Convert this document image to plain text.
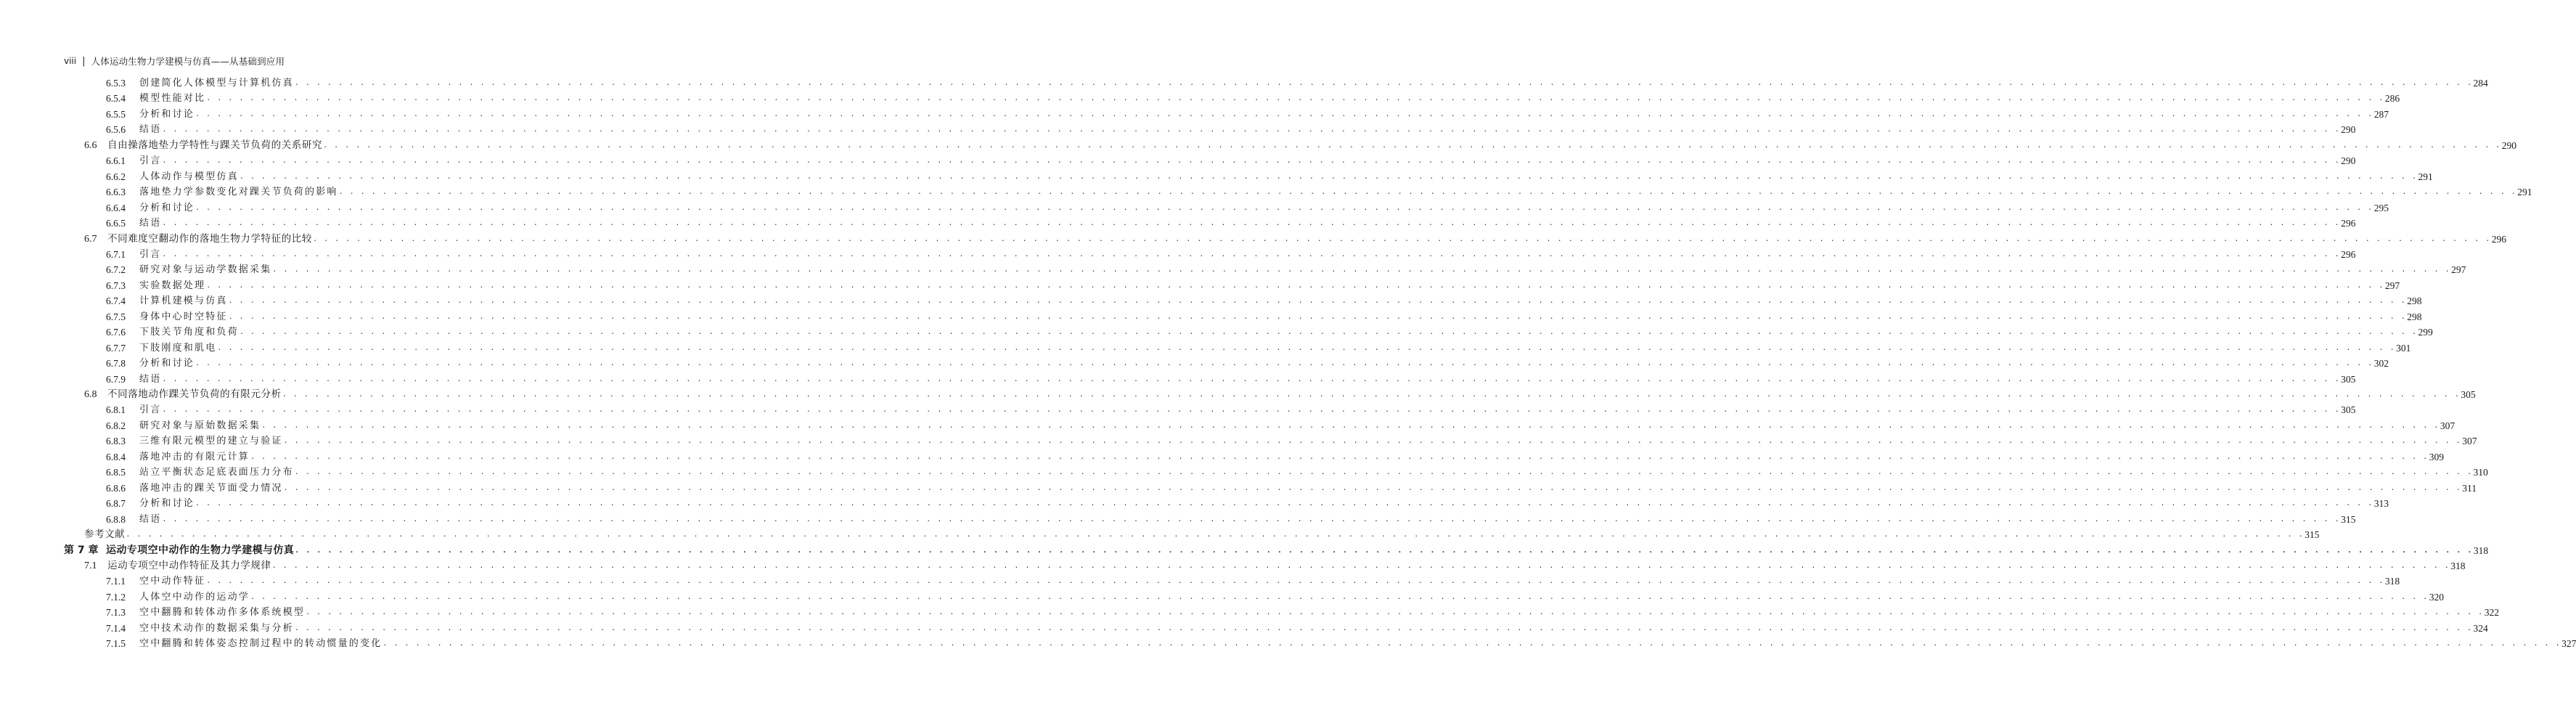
viii | 人体运动生物力学建模与仿真——从基础到应用
6.5.3	创建简化人体模型与计算机仿真 . . . . . . . . . . . . . . . . . . . . . . . . . . . . . . . . . . . . . . . . . . . . . . . . . . . . . . . . . . . . . . . . . . . . . . . . . . . . . . . . . . . . . . . . . . . . . . . . . . . . . . . . . . . . . . . . . . . . . . . . . . . . . . . . . . . . . . . . . . . . . . . . . . . . . . . . . . . . . . . . . . . . . . . . . . . . . . . . . . . . . . . . . . . . . . . . . . . . . . . . 284
6.5.4	模型性能对比 . . . . . . . . . . . . . . . . . . . . . . . . . . . . . . . . . . . . . . . . . . . . . . . . . . . . . . . . . . . . . . . . . . . . . . . . . . . . . . . . . . . . . . . . . . . . . . . . . . . . . . . . . . . . . . . . . . . . . . . . . . . . . . . . . . . . . . . . . . . . . . . . . . . . . . . . . . . . . . . . . . . . . . . . . . . . . . . . . . . . . . . . . . . . . . . . . . . . . . . . 286
6.5.5	分析和讨论 . . . . . . . . . . . . . . . . . . . . . . . . . . . . . . . . . . . . . . . . . . . . . . . . . . . . . . . . . . . . . . . . . . . . . . . . . . . . . . . . . . . . . . . . . . . . . . . . . . . . . . . . . . . . . . . . . . . . . . . . . . . . . . . . . . . . . . . . . . . . . . . . . . . . . . . . . . . . . . . . . . . . . . . . . . . . . . . . . . . . . . . . . . . . . . . . . . . . . . . . 287
6.5.6	结语 . . . . . . . . . . . . . . . . . . . . . . . . . . . . . . . . . . . . . . . . . . . . . . . . . . . . . . . . . . . . . . . . . . . . . . . . . . . . . . . . . . . . . . . . . . . . . . . . . . . . . . . . . . . . . . . . . . . . . . . . . . . . . . . . . . . . . . . . . . . . . . . . . . . . . . . . . . . . . . . . . . . . . . . . . . . . . . . . . . . . . . . . . . . . . . . . . . . . . . . . 290
6.6	自由操落地垫力学特性与踝关节负荷的关系研究 . . . . . . . . . . . . . . . . . . . . . . . . . . . . . . . . . . . . . . . . . . . . . . . . . . . . . . . . . . . . . . . . . . . . . . . . . . . . . . . . . . . . . . . . . . . . . . . . . . . . . . . . . . . . . . . . . . . . . . . . . . . . . . . . . . . . . . . . . . . . . . . . . . . . . . . . . . . . . . . . . . . . . . . . . . . . . . . . . . . . . . . . . . . . . . . . . . . . . . . . 290
6.6.1	引言 . . . . . . . . . . . . . . . . . . . . . . . . . . . . . . . . . . . . . . . . . . . . . . . . . . . . . . . . . . . . . . . . . . . . . . . . . . . . . . . . . . . . . . . . . . . . . . . . . . . . . . . . . . . . . . . . . . . . . . . . . . . . . . . . . . . . . . . . . . . . . . . . . . . . . . . . . . . . . . . . . . . . . . . . . . . . . . . . . . . . . . . . . . . . . . . . . . . . . . . . 290
6.6.2	人体动作与模型仿真 . . . . . . . . . . . . . . . . . . . . . . . . . . . . . . . . . . . . . . . . . . . . . . . . . . . . . . . . . . . . . . . . . . . . . . . . . . . . . . . . . . . . . . . . . . . . . . . . . . . . . . . . . . . . . . . . . . . . . . . . . . . . . . . . . . . . . . . . . . . . . . . . . . . . . . . . . . . . . . . . . . . . . . . . . . . . . . . . . . . . . . . . . . . . . . . . . . . . . . . . 291
6.6.3	落地垫力学参数变化对踝关节负荷的影响 . . . . . . . . . . . . . . . . . . . . . . . . . . . . . . . . . . . . . . . . . . . . . . . . . . . . . . . . . . . . . . . . . . . . . . . . . . . . . . . . . . . . . . . . . . . . . . . . . . . . . . . . . . . . . . . . . . . . . . . . . . . . . . . . . . . . . . . . . . . . . . . . . . . . . . . . . . . . . . . . . . . . . . . . . . . . . . . . . . . . . . . . . . . . . . . . . . . . . . . . 291
6.6.4	分析和讨论 . . . . . . . . . . . . . . . . . . . . . . . . . . . . . . . . . . . . . . . . . . . . . . . . . . . . . . . . . . . . . . . . . . . . . . . . . . . . . . . . . . . . . . . . . . . . . . . . . . . . . . . . . . . . . . . . . . . . . . . . . . . . . . . . . . . . . . . . . . . . . . . . . . . . . . . . . . . . . . . . . . . . . . . . . . . . . . . . . . . . . . . . . . . . . . . . . . . . . . . . 295
6.6.5	结语 . . . . . . . . . . . . . . . . . . . . . . . . . . . . . . . . . . . . . . . . . . . . . . . . . . . . . . . . . . . . . . . . . . . . . . . . . . . . . . . . . . . . . . . . . . . . . . . . . . . . . . . . . . . . . . . . . . . . . . . . . . . . . . . . . . . . . . . . . . . . . . . . . . . . . . . . . . . . . . . . . . . . . . . . . . . . . . . . . . . . . . . . . . . . . . . . . . . . . . . . 296
6.7	不同难度空翻动作的落地生物力学特征的比较 . . . . . . . . . . . . . . . . . . . . . . . . . . . . . . . . . . . . . . . . . . . . . . . . . . . . . . . . . . . . . . . . . . . . . . . . . . . . . . . . . . . . . . . . . . . . . . . . . . . . . . . . . . . . . . . . . . . . . . . . . . . . . . . . . . . . . . . . . . . . . . . . . . . . . . . . . . . . . . . . . . . . . . . . . . . . . . . . . . . . . . . . . . . . . . . . . . . . . . . . 296
6.7.1	引言 . . . . . . . . . . . . . . . . . . . . . . . . . . . . . . . . . . . . . . . . . . . . . . . . . . . . . . . . . . . . . . . . . . . . . . . . . . . . . . . . . . . . . . . . . . . . . . . . . . . . . . . . . . . . . . . . . . . . . . . . . . . . . . . . . . . . . . . . . . . . . . . . . . . . . . . . . . . . . . . . . . . . . . . . . . . . . . . . . . . . . . . . . . . . . . . . . . . . . . . . 296
6.7.2	研究对象与运动学数据采集 . . . . . . . . . . . . . . . . . . . . . . . . . . . . . . . . . . . . . . . . . . . . . . . . . . . . . . . . . . . . . . . . . . . . . . . . . . . . . . . . . . . . . . . . . . . . . . . . . . . . . . . . . . . . . . . . . . . . . . . . . . . . . . . . . . . . . . . . . . . . . . . . . . . . . . . . . . . . . . . . . . . . . . . . . . . . . . . . . . . . . . . . . . . . . . . . . . . . . . . . 297
6.7.3	实验数据处理 . . . . . . . . . . . . . . . . . . . . . . . . . . . . . . . . . . . . . . . . . . . . . . . . . . . . . . . . . . . . . . . . . . . . . . . . . . . . . . . . . . . . . . . . . . . . . . . . . . . . . . . . . . . . . . . . . . . . . . . . . . . . . . . . . . . . . . . . . . . . . . . . . . . . . . . . . . . . . . . . . . . . . . . . . . . . . . . . . . . . . . . . . . . . . . . . . . . . . . . . 297
6.7.4	计算机建模与仿真 . . . . . . . . . . . . . . . . . . . . . . . . . . . . . . . . . . . . . . . . . . . . . . . . . . . . . . . . . . . . . . . . . . . . . . . . . . . . . . . . . . . . . . . . . . . . . . . . . . . . . . . . . . . . . . . . . . . . . . . . . . . . . . . . . . . . . . . . . . . . . . . . . . . . . . . . . . . . . . . . . . . . . . . . . . . . . . . . . . . . . . . . . . . . . . . . . . . . . . . . 298
6.7.5	身体中心时空特征 . . . . . . . . . . . . . . . . . . . . . . . . . . . . . . . . . . . . . . . . . . . . . . . . . . . . . . . . . . . . . . . . . . . . . . . . . . . . . . . . . . . . . . . . . . . . . . . . . . . . . . . . . . . . . . . . . . . . . . . . . . . . . . . . . . . . . . . . . . . . . . . . . . . . . . . . . . . . . . . . . . . . . . . . . . . . . . . . . . . . . . . . . . . . . . . . . . . . . . . . 298
6.7.6	下肢关节角度和负荷 . . . . . . . . . . . . . . . . . . . . . . . . . . . . . . . . . . . . . . . . . . . . . . . . . . . . . . . . . . . . . . . . . . . . . . . . . . . . . . . . . . . . . . . . . . . . . . . . . . . . . . . . . . . . . . . . . . . . . . . . . . . . . . . . . . . . . . . . . . . . . . . . . . . . . . . . . . . . . . . . . . . . . . . . . . . . . . . . . . . . . . . . . . . . . . . . . . . . . . . . 299
6.7.7	下肢刚度和肌电 . . . . . . . . . . . . . . . . . . . . . . . . . . . . . . . . . . . . . . . . . . . . . . . . . . . . . . . . . . . . . . . . . . . . . . . . . . . . . . . . . . . . . . . . . . . . . . . . . . . . . . . . . . . . . . . . . . . . . . . . . . . . . . . . . . . . . . . . . . . . . . . . . . . . . . . . . . . . . . . . . . . . . . . . . . . . . . . . . . . . . . . . . . . . . . . . . . . . . . . . 301
6.7.8	分析和讨论 . . . . . . . . . . . . . . . . . . . . . . . . . . . . . . . . . . . . . . . . . . . . . . . . . . . . . . . . . . . . . . . . . . . . . . . . . . . . . . . . . . . . . . . . . . . . . . . . . . . . . . . . . . . . . . . . . . . . . . . . . . . . . . . . . . . . . . . . . . . . . . . . . . . . . . . . . . . . . . . . . . . . . . . . . . . . . . . . . . . . . . . . . . . . . . . . . . . . . . . . 302
6.7.9	结语 . . . . . . . . . . . . . . . . . . . . . . . . . . . . . . . . . . . . . . . . . . . . . . . . . . . . . . . . . . . . . . . . . . . . . . . . . . . . . . . . . . . . . . . . . . . . . . . . . . . . . . . . . . . . . . . . . . . . . . . . . . . . . . . . . . . . . . . . . . . . . . . . . . . . . . . . . . . . . . . . . . . . . . . . . . . . . . . . . . . . . . . . . . . . . . . . . . . . . . . . 305
6.8	不同落地动作踝关节负荷的有限元分析 . . . . . . . . . . . . . . . . . . . . . . . . . . . . . . . . . . . . . . . . . . . . . . . . . . . . . . . . . . . . . . . . . . . . . . . . . . . . . . . . . . . . . . . . . . . . . . . . . . . . . . . . . . . . . . . . . . . . . . . . . . . . . . . . . . . . . . . . . . . . . . . . . . . . . . . . . . . . . . . . . . . . . . . . . . . . . . . . . . . . . . . . . . . . . . . . . . . . . . . . 305
6.8.1	引言 . . . . . . . . . . . . . . . . . . . . . . . . . . . . . . . . . . . . . . . . . . . . . . . . . . . . . . . . . . . . . . . . . . . . . . . . . . . . . . . . . . . . . . . . . . . . . . . . . . . . . . . . . . . . . . . . . . . . . . . . . . . . . . . . . . . . . . . . . . . . . . . . . . . . . . . . . . . . . . . . . . . . . . . . . . . . . . . . . . . . . . . . . . . . . . . . . . . . . . . . 305
6.8.2	研究对象与原始数据采集 . . . . . . . . . . . . . . . . . . . . . . . . . . . . . . . . . . . . . . . . . . . . . . . . . . . . . . . . . . . . . . . . . . . . . . . . . . . . . . . . . . . . . . . . . . . . . . . . . . . . . . . . . . . . . . . . . . . . . . . . . . . . . . . . . . . . . . . . . . . . . . . . . . . . . . . . . . . . . . . . . . . . . . . . . . . . . . . . . . . . . . . . . . . . . . . . . . . . . . . . 307
6.8.3	三维有限元模型的建立与验证 . . . . . . . . . . . . . . . . . . . . . . . . . . . . . . . . . . . . . . . . . . . . . . . . . . . . . . . . . . . . . . . . . . . . . . . . . . . . . . . . . . . . . . . . . . . . . . . . . . . . . . . . . . . . . . . . . . . . . . . . . . . . . . . . . . . . . . . . . . . . . . . . . . . . . . . . . . . . . . . . . . . . . . . . . . . . . . . . . . . . . . . . . . . . . . . . . . . . . . . . 307
6.8.4	落地冲击的有限元计算 . . . . . . . . . . . . . . . . . . . . . . . . . . . . . . . . . . . . . . . . . . . . . . . . . . . . . . . . . . . . . . . . . . . . . . . . . . . . . . . . . . . . . . . . . . . . . . . . . . . . . . . . . . . . . . . . . . . . . . . . . . . . . . . . . . . . . . . . . . . . . . . . . . . . . . . . . . . . . . . . . . . . . . . . . . . . . . . . . . . . . . . . . . . . . . . . . . . . . . . . 309
6.8.5	站立平衡状态足底表面压力分布 . . . . . . . . . . . . . . . . . . . . . . . . . . . . . . . . . . . . . . . . . . . . . . . . . . . . . . . . . . . . . . . . . . . . . . . . . . . . . . . . . . . . . . . . . . . . . . . . . . . . . . . . . . . . . . . . . . . . . . . . . . . . . . . . . . . . . . . . . . . . . . . . . . . . . . . . . . . . . . . . . . . . . . . . . . . . . . . . . . . . . . . . . . . . . . . . . . . . . . . . 310
6.8.6	落地冲击的踝关节面受力情况 . . . . . . . . . . . . . . . . . . . . . . . . . . . . . . . . . . . . . . . . . . . . . . . . . . . . . . . . . . . . . . . . . . . . . . . . . . . . . . . . . . . . . . . . . . . . . . . . . . . . . . . . . . . . . . . . . . . . . . . . . . . . . . . . . . . . . . . . . . . . . . . . . . . . . . . . . . . . . . . . . . . . . . . . . . . . . . . . . . . . . . . . . . . . . . . . . . . . . . . . 311
6.8.7	分析和讨论 . . . . . . . . . . . . . . . . . . . . . . . . . . . . . . . . . . . . . . . . . . . . . . . . . . . . . . . . . . . . . . . . . . . . . . . . . . . . . . . . . . . . . . . . . . . . . . . . . . . . . . . . . . . . . . . . . . . . . . . . . . . . . . . . . . . . . . . . . . . . . . . . . . . . . . . . . . . . . . . . . . . . . . . . . . . . . . . . . . . . . . . . . . . . . . . . . . . . . . . . 313
6.8.8	结语 . . . . . . . . . . . . . . . . . . . . . . . . . . . . . . . . . . . . . . . . . . . . . . . . . . . . . . . . . . . . . . . . . . . . . . . . . . . . . . . . . . . . . . . . . . . . . . . . . . . . . . . . . . . . . . . . . . . . . . . . . . . . . . . . . . . . . . . . . . . . . . . . . . . . . . . . . . . . . . . . . . . . . . . . . . . . . . . . . . . . . . . . . . . . . . . . . . . . . . . . 315
参考文献 . . . . . . . . . . . . . . . . . . . . . . . . . . . . . . . . . . . . . . . . . . . . . . . . . . . . . . . . . . . . . . . . . . . . . . . . . . . . . . . . . . . . . . . . . . . . . . . . . . . . . . . . . . . . . . . . . . . . . . . . . . . . . . . . . . . . . . . . . . . . . . . . . . . . . . . . . . . . . . . . . . . . . . . . . . . . . . . . . . . . . . . . . . . . . . . . . . . . . . . . 315
第 7 章 运动专项空中动作的生物力学建模与仿真 . . . . . . . . . . . . . . . . . . . . . . . . . . . . . . . . . . . . . . . . . . . . . . . . . . . . . . . . . . . . . . . . . . . . . . . . . . . . . . . . . . . . . . . . . . . . . . . . . . . . . . . . . . . . . . . . . . . . . . . . . . . . . . . . . . . . . . . . . . . . . . . . . . . . . . . . . . . . . . . . . . . . . . . . . . . . . . . . . . . . . . . . . . . . . . . . . . . . . . . . 318
7.1	运动专项空中动作特征及其力学规律 . . . . . . . . . . . . . . . . . . . . . . . . . . . . . . . . . . . . . . . . . . . . . . . . . . . . . . . . . . . . . . . . . . . . . . . . . . . . . . . . . . . . . . . . . . . . . . . . . . . . . . . . . . . . . . . . . . . . . . . . . . . . . . . . . . . . . . . . . . . . . . . . . . . . . . . . . . . . . . . . . . . . . . . . . . . . . . . . . . . . . . . . . . . . . . . . . . . . . . . . 318
7.1.1	空中动作特征 . . . . . . . . . . . . . . . . . . . . . . . . . . . . . . . . . . . . . . . . . . . . . . . . . . . . . . . . . . . . . . . . . . . . . . . . . . . . . . . . . . . . . . . . . . . . . . . . . . . . . . . . . . . . . . . . . . . . . . . . . . . . . . . . . . . . . . . . . . . . . . . . . . . . . . . . . . . . . . . . . . . . . . . . . . . . . . . . . . . . . . . . . . . . . . . . . . . . . . . . 318
7.1.2	人体空中动作的运动学 . . . . . . . . . . . . . . . . . . . . . . . . . . . . . . . . . . . . . . . . . . . . . . . . . . . . . . . . . . . . . . . . . . . . . . . . . . . . . . . . . . . . . . . . . . . . . . . . . . . . . . . . . . . . . . . . . . . . . . . . . . . . . . . . . . . . . . . . . . . . . . . . . . . . . . . . . . . . . . . . . . . . . . . . . . . . . . . . . . . . . . . . . . . . . . . . . . . . . . . . 320
7.1.3	空中翻腾和转体动作多体系统模型 . . . . . . . . . . . . . . . . . . . . . . . . . . . . . . . . . . . . . . . . . . . . . . . . . . . . . . . . . . . . . . . . . . . . . . . . . . . . . . . . . . . . . . . . . . . . . . . . . . . . . . . . . . . . . . . . . . . . . . . . . . . . . . . . . . . . . . . . . . . . . . . . . . . . . . . . . . . . . . . . . . . . . . . . . . . . . . . . . . . . . . . . . . . . . . . . . . . . . . . . 322
7.1.4	空中技术动作的数据采集与分析 . . . . . . . . . . . . . . . . . . . . . . . . . . . . . . . . . . . . . . . . . . . . . . . . . . . . . . . . . . . . . . . . . . . . . . . . . . . . . . . . . . . . . . . . . . . . . . . . . . . . . . . . . . . . . . . . . . . . . . . . . . . . . . . . . . . . . . . . . . . . . . . . . . . . . . . . . . . . . . . . . . . . . . . . . . . . . . . . . . . . . . . . . . . . . . . . . . . . . . . . 324
7.1.5	空中翻腾和转体姿态控制过程中的转动惯量的变化 . . . . . . . . . . . . . . . . . . . . . . . . . . . . . . . . . . . . . . . . . . . . . . . . . . . . . . . . . . . . . . . . . . . . . . . . . . . . . . . . . . . . . . . . . . . . . . . . . . . . . . . . . . . . . . . . . . . . . . . . . . . . . . . . . . . . . . . . . . . . . . . . . . . . . . . . . . . . . . . . . . . . . . . . . . . . . . . . . . . . . . . . . . . . . . . . . . . . . . . . 327
